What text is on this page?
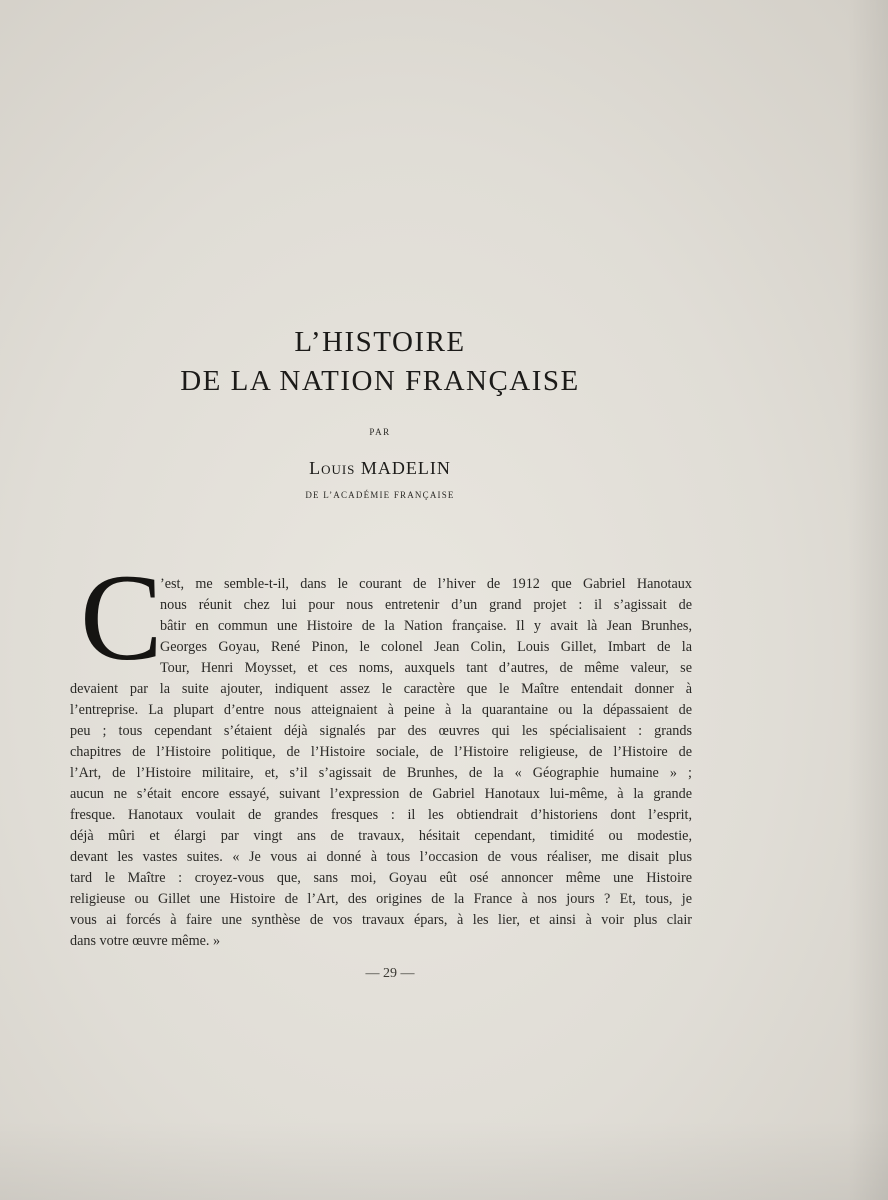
L’HISTOIRE
DE LA NATION FRANÇAISE
PAR
Louis MADELIN
DE L’ACADÉMIE FRANÇAISE
C
’est, me semble-t-il, dans le courant de l’hiver de 1912 que Gabriel Hanotaux
nous réunit chez lui pour nous entretenir d’un grand projet : il s’agissait de
bâtir en commun une Histoire de la Nation française. Il y avait là Jean Brunhes,
Georges Goyau, René Pinon, le colonel Jean Colin, Louis Gillet, Imbart de la
Tour, Henri Moysset, et ces noms, auxquels tant d’autres, de même valeur, se
devaient par la suite ajouter, indiquent assez le caractère que le Maître entendait donner à
l’entreprise. La plupart d’entre nous atteignaient à peine à la quarantaine ou la dépassaient de
peu ; tous cependant s’étaient déjà signalés par des œuvres qui les spécialisaient : grands
chapitres de l’Histoire politique, de l’Histoire sociale, de l’Histoire religieuse, de l’Histoire de
l’Art, de l’Histoire militaire, et, s’il s’agissait de Brunhes, de la « Géographie humaine » ;
aucun ne s’était encore essayé, suivant l’expression de Gabriel Hanotaux lui-même, à la grande
fresque. Hanotaux voulait de grandes fresques : il les obtiendrait d’historiens dont l’esprit,
déjà mûri et élargi par vingt ans de travaux, hésitait cependant, timidité ou modestie,
devant les vastes suites. « Je vous ai donné à tous l’occasion de vous réaliser, me disait plus
tard le Maître : croyez-vous que, sans moi, Goyau eût osé annoncer même une Histoire
religieuse ou Gillet une Histoire de l’Art, des origines de la France à nos jours ? Et, tous, je
vous ai forcés à faire une synthèse de vos travaux épars, à les lier, et ainsi à voir plus clair
dans votre œuvre même. »
— 29 —
